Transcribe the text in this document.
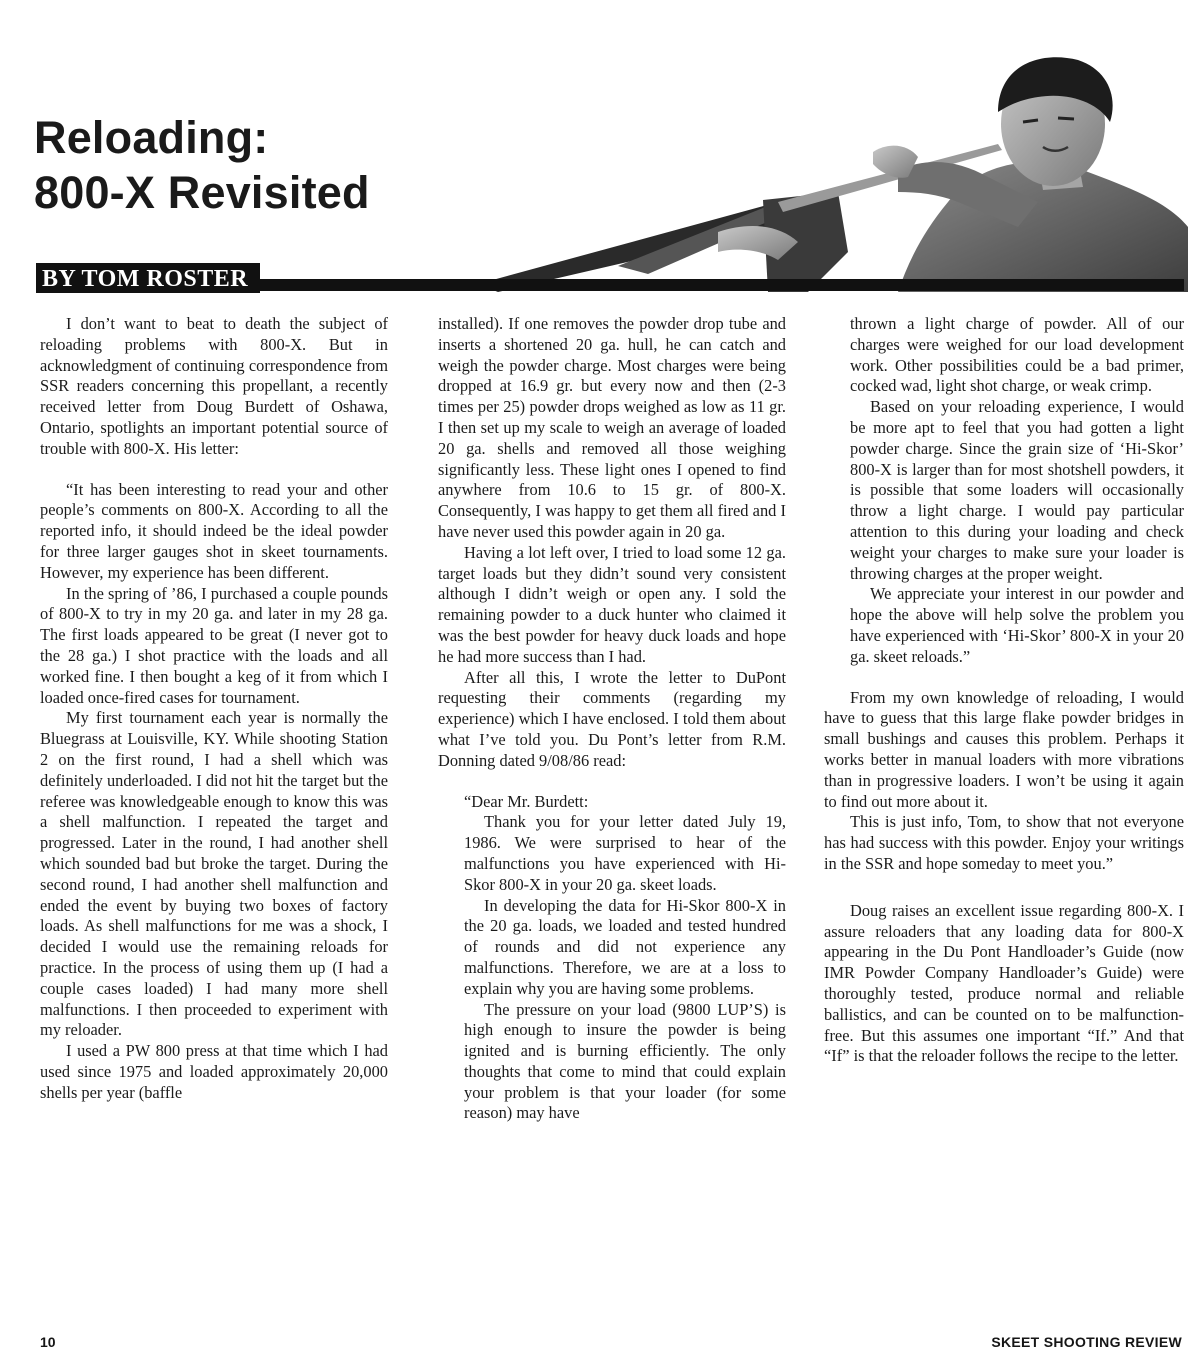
Reloading:
800-X Revisited
BY TOM ROSTER

I don’t want to beat to death the subject of reloading problems with 800-X. But in acknowledgment of continuing correspondence from SSR readers concerning this propellant, a recently received letter from Doug Burdett of Oshawa, Ontario, spotlights an important potential source of trouble with 800-X. His letter:

“It has been interesting to read your and other people’s comments on 800-X. According to all the reported info, it should indeed be the ideal powder for three larger gauges shot in skeet tournaments. However, my experience has been different.

In the spring of ’86, I purchased a couple pounds of 800-X to try in my 20 ga. and later in my 28 ga. The first loads appeared to be great (I never got to the 28 ga.) I shot practice with the loads and all worked fine. I then bought a keg of it from which I loaded once-fired cases for tournament.

My first tournament each year is normally the Bluegrass at Louisville, KY. While shooting Station 2 on the first round, I had a shell which was definitely underloaded. I did not hit the target but the referee was knowledgeable enough to know this was a shell malfunction. I repeated the target and progressed. Later in the round, I had another shell which sounded bad but broke the target. During the second round, I had another shell malfunction and ended the event by buying two boxes of factory loads. As shell malfunctions for me was a shock, I decided I would use the remaining reloads for practice. In the process of using them up (I had a couple cases loaded) I had many more shell malfunctions. I then proceeded to experiment with my reloader.

I used a PW 800 press at that time which I had used since 1975 and loaded approximately 20,000 shells per year (baffle

installed). If one removes the powder drop tube and inserts a shortened 20 ga. hull, he can catch and weigh the powder charge. Most charges were being dropped at 16.9 gr. but every now and then (2-3 times per 25) powder drops weighed as low as 11 gr. I then set up my scale to weigh an average of loaded 20 ga. shells and removed all those weighing significantly less. These light ones I opened to find anywhere from 10.6 to 15 gr. of 800-X. Consequently, I was happy to get them all fired and I have never used this powder again in 20 ga.

Having a lot left over, I tried to load some 12 ga. target loads but they didn’t sound very consistent although I didn’t weigh or open any. I sold the remaining powder to a duck hunter who claimed it was the best powder for heavy duck loads and hope he had more success than I had.

After all this, I wrote the letter to DuPont requesting their comments (regarding my experience) which I have enclosed. I told them about what I’ve told you. Du Pont’s letter from R.M. Donning dated 9/08/86 read:

“Dear Mr. Burdett:

Thank you for your letter dated July 19, 1986. We were surprised to hear of the malfunctions you have experienced with Hi-Skor 800-X in your 20 ga. skeet loads.

In developing the data for Hi-Skor 800-X in the 20 ga. loads, we loaded and tested hundred of rounds and did not experience any malfunctions. Therefore, we are at a loss to explain why you are having some problems.

The pressure on your load (9800 LUP’S) is high enough to insure the powder is being ignited and is burning efficiently. The only thoughts that come to mind that could explain your problem is that your loader (for some reason) may have

thrown a light charge of powder. All of our charges were weighed for our load development work. Other possibilities could be a bad primer, cocked wad, light shot charge, or weak crimp.

Based on your reloading experience, I would be more apt to feel that you had gotten a light powder charge. Since the grain size of ‘Hi-Skor’ 800-X is larger than for most shotshell powders, it is possible that some loaders will occasionally throw a light charge. I would pay particular attention to this during your loading and check weight your charges to make sure your loader is throwing charges at the proper weight.

We appreciate your interest in our powder and hope the above will help solve the problem you have experienced with ‘Hi-Skor’ 800-X in your 20 ga. skeet reloads.”

From my own knowledge of reloading, I would have to guess that this large flake powder bridges in small bushings and causes this problem. Perhaps it works better in manual loaders with more vibrations than in progressive loaders. I won’t be using it again to find out more about it.

This is just info, Tom, to show that not everyone has had success with this powder. Enjoy your writings in the SSR and hope someday to meet you.”

Doug raises an excellent issue regarding 800-X. I assure reloaders that any loading data for 800-X appearing in the Du Pont Handloader’s Guide (now IMR Powder Company Handloader’s Guide) were thoroughly tested, produce normal and reliable ballistics, and can be counted on to be malfunction-free. But this assumes one important “If.” And that “If” is that the reloader follows the recipe to the letter.

10	SKEET SHOOTING REVIEW
